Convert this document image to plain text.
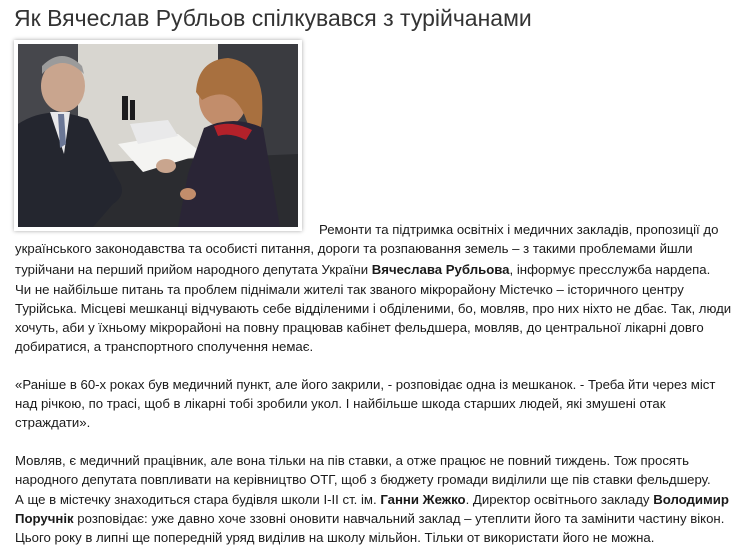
Як Вячеслав Рубльов спілкувався з турійчанами
Ремонти та підтримка освітніх і медичних закладів, пропозиції до

українського законодавства та особисті питання, дороги та розпаювання земель – з такими проблемами йшли

турійчани на перший прийом народного депутата України Вячеслава Рубльова, інформує пресслужба нардепа.

Чи не найбільше питань та проблем піднімали жителі так званого мікрорайону Містечко – історичного центру

Турійська. Місцеві мешканці відчувають себе відділеними і обділеними, бо, мовляв, про них ніхто не дбає. Так, люди

хочуть, аби у їхньому мікрорайоні на повну працював кабінет фельдшера, мовляв, до центральної лікарні довго

добиратися, а транспортного сполучення немає.

«Раніше в 60-х роках був медичний пункт, але його закрили, - розповідає одна із мешканок. - Треба йти через міст

над річкою, по трасі, щоб в лікарні тобі зробили укол. І найбільше шкода старших людей, які змушені отак

страждати».

Мовляв, є медичний працівник, але вона тільки на пів ставки, а отже працює не повний тиждень. Тож просять

народного депутата повпливати на керівництво ОТГ, щоб з бюджету громади виділили ще пів ставки фельдшеру.

А ще в містечку знаходиться стара будівля школи I-II ст. ім. Ганни Жежко. Директор освітнього закладу Володимир

Поручнік розповідає: уже давно хоче ззовні оновити навчальний заклад – утеплити його та замінити частину вікон.

Цього року в липні ще попередній уряд виділив на школу мільйон. Тільки от використати його не можна.
